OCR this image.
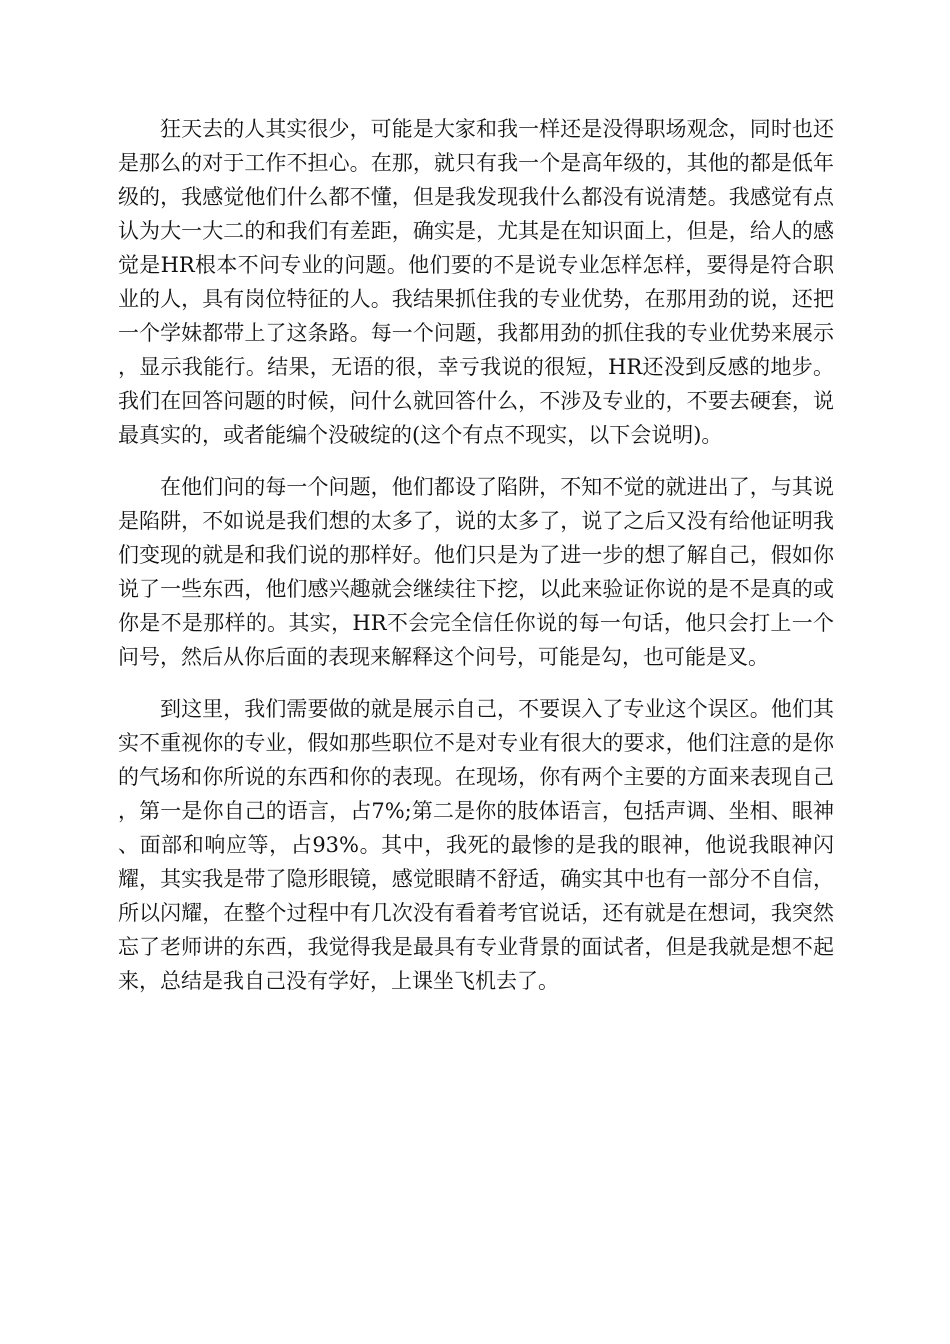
狂天去的人其实很少，可能是大家和我一样还是没得职场观念，同时也还是那么的对于工作不担心。在那，就只有我一个是高年级的，其他的都是低年级的，我感觉他们什么都不懂，但是我发现我什么都没有说清楚。我感觉有点认为大一大二的和我们有差距，确实是，尤其是在知识面上，但是，给人的感觉是HR根本不问专业的问题。他们要的不是说专业怎样怎样，要得是符合职业的人，具有岗位特征的人。我结果抓住我的专业优势，在那用劲的说，还把一个学妹都带上了这条路。每一个问题，我都用劲的抓住我的专业优势来展示，显示我能行。结果，无语的很，幸亏我说的很短，HR还没到反感的地步。我们在回答问题的时候，问什么就回答什么，不涉及专业的，不要去硬套，说最真实的，或者能编个没破绽的(这个有点不现实，以下会说明)。

在他们问的每一个问题，他们都设了陷阱，不知不觉的就进出了，与其说是陷阱，不如说是我们想的太多了，说的太多了，说了之后又没有给他证明我们变现的就是和我们说的那样好。他们只是为了进一步的想了解自己，假如你说了一些东西，他们感兴趣就会继续往下挖，以此来验证你说的是不是真的或你是不是那样的。其实，HR不会完全信任你说的每一句话，他只会打上一个问号，然后从你后面的表现来解释这个问号，可能是勾，也可能是叉。

到这里，我们需要做的就是展示自己，不要误入了专业这个误区。他们其实不重视你的专业，假如那些职位不是对专业有很大的要求，他们注意的是你的气场和你所说的东西和你的表现。在现场，你有两个主要的方面来表现自己，第一是你自己的语言，占7%;第二是你的肢体语言，包括声调、坐相、眼神、面部和响应等，占93%。其中，我死的最惨的是我的眼神，他说我眼神闪耀，其实我是带了隐形眼镜，感觉眼睛不舒适，确实其中也有一部分不自信，所以闪耀，在整个过程中有几次没有看着考官说话，还有就是在想词，我突然忘了老师讲的东西，我觉得我是最具有专业背景的面试者，但是我就是想不起来，总结是我自己没有学好，上课坐飞机去了。
